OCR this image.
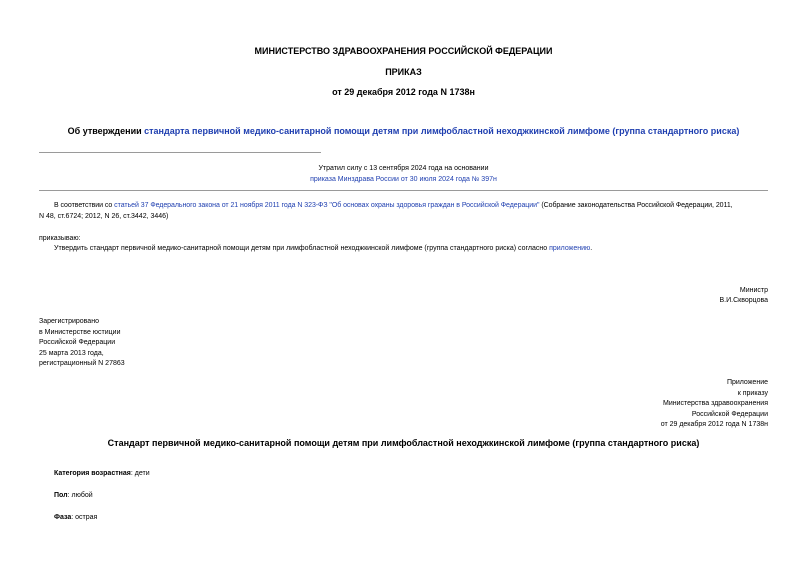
МИНИСТЕРСТВО ЗДРАВООХРАНЕНИЯ РОССИЙСКОЙ ФЕДЕРАЦИИ
ПРИКАЗ
от 29 декабря 2012 года N 1738н
Об утверждении стандарта первичной медико-санитарной помощи детям при лимфобластной неходжкинской лимфоме (группа стандартного риска)
Утратил силу с 13 сентября 2024 года на основании
приказа Минздрава России от 30 июля 2024 года № 397н
В соответствии со статьей 37 Федерального закона от 21 ноября 2011 года N 323-ФЗ "Об основах охраны здоровья граждан в Российской Федерации" (Собрание законодательства Российской Федерации, 2011,
N 48, ст.6724; 2012, N 26, ст.3442, 3446)
приказываю:
Утвердить стандарт первичной медико-санитарной помощи детям при лимфобластной неходжкинской лимфоме (группа стандартного риска) согласно приложению.
Министр
В.И.Скворцова
Зарегистрировано
в Министерстве юстиции
Российской Федерации
25 марта 2013 года,
регистрационный N 27863
Приложение
к приказу
Министерства здравоохранения
Российской Федерации
от 29 декабря 2012 года N 1738н
Стандарт первичной медико-санитарной помощи детям при лимфобластной неходжкинской лимфоме (группа стандартного риска)
Категория возрастная: дети
Пол: любой
Фаза: острая
